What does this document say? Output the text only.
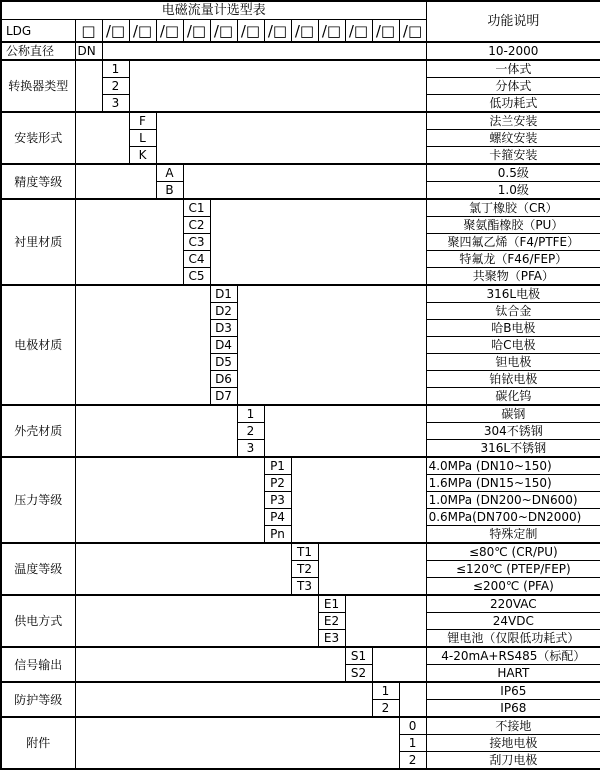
电磁流量计选型表														功能说明
LDG	□	/□	/□	/□	/□	/□	/□	/□	/□	/□	/□	/□	/□	
公称直径	DN													10-2000
转换器类型		1												一体式
		2												分体式
		3												低功耗式
安装形式			F											法兰安装
			L											螺纹安装
			K											卡箍安装
精度等级				A										0.5级
				B										1.0级
衬里材质					C1									氯丁橡胶（CR）
					C2									聚氨酯橡胶（PU）
					C3									聚四氟乙烯（F4/PTFE）
					C4									特氟龙（F46/FEP）
					C5									共聚物（PFA）
电极材质						D1								316L电极
						D2								钛合金
						D3								哈B电极
						D4								哈C电极
						D5								钽电极
						D6								铂铱电极
						D7								碳化钨
外壳材质							1							碳钢
							2							304不锈钢
							3							316L不锈钢
压力等级								P1						4.0MPa (DN10~150)
								P2						1.6MPa (DN15~150)
								P3						1.0MPa (DN200~DN600)
								P4						0.6MPa(DN700~DN2000)
								Pn						特殊定制
温度等级									T1					≤80℃ (CR/PU)
									T2					≤120℃ (PTEP/FEP)
									T3					≤200℃ (PFA)
供电方式										E1				220VAC
										E2				24VDC
										E3				锂电池（仅限低功耗式）
信号输出											S1			4-20mA+RS485（标配）
											S2			HART
防护等级												1		IP65
												2		IP68
附件													0	不接地
													1	接地电极
													2	刮刀电极
